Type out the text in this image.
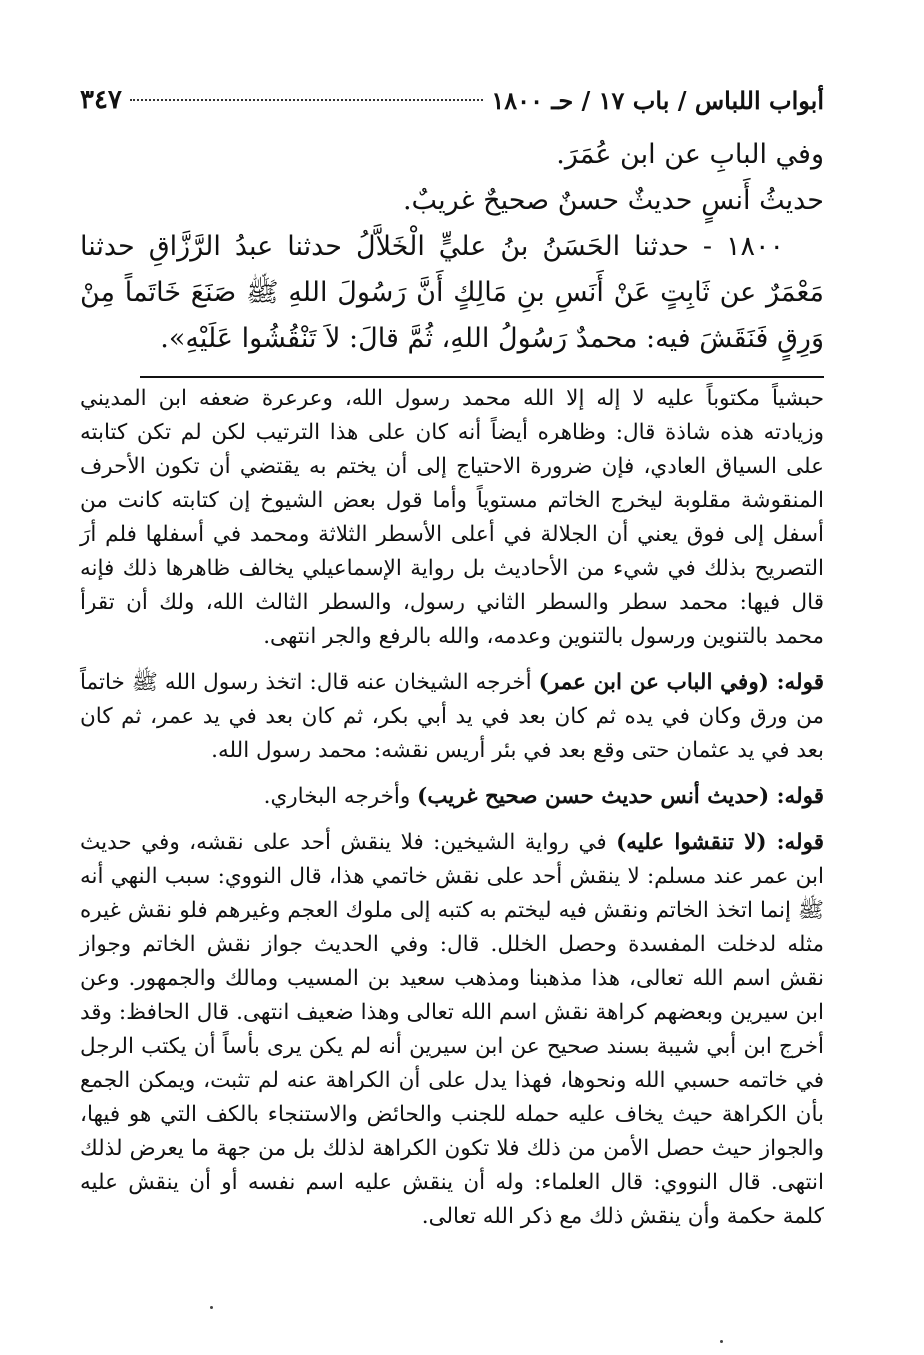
أبواب اللباس / باب ١٧ / حـ ١٨٠٠
٣٤٧

وفي البابِ عن ابن عُمَرَ.

حديثُ أَنسٍ حديثٌ حسنٌ صحيحٌ غريبٌ.

١٨٠٠ - حدثنا الحَسَنُ بنُ عليٍّ الْخَلاَّلُ حدثنا عبدُ الرَّزَّاقِ حدثنا مَعْمَرٌ عن ثَابِتٍ عَنْ أَنَسِ بنِ مَالِكٍ أَنَّ رَسُولَ اللهِ ﷺ صَنَعَ خَاتَماً مِنْ وَرِقٍ فَنَقَشَ فيه: محمدٌ رَسُولُ اللهِ، ثُمَّ قالَ: لاَ تَنْقُشُوا عَلَيْهِ».

حبشياً مكتوباً عليه لا إله إلا الله محمد رسول الله، وعرعرة ضعفه ابن المديني وزيادته هذه شاذة قال: وظاهره أيضاً أنه كان على هذا الترتيب لكن لم تكن كتابته على السياق العادي، فإن ضرورة الاحتياج إلى أن يختم به يقتضي أن تكون الأحرف المنقوشة مقلوبة ليخرج الخاتم مستوياً وأما قول بعض الشيوخ إن كتابته كانت من أسفل إلى فوق يعني أن الجلالة في أعلى الأسطر الثلاثة ومحمد في أسفلها فلم أرَ التصريح بذلك في شيء من الأحاديث بل رواية الإسماعيلي يخالف ظاهرها ذلك فإنه قال فيها: محمد سطر والسطر الثاني رسول، والسطر الثالث الله، ولك أن تقرأ محمد بالتنوين ورسول بالتنوين وعدمه، والله بالرفع والجر انتهى.

قوله: (وفي الباب عن ابن عمر) أخرجه الشيخان عنه قال: اتخذ رسول الله ﷺ خاتماً من ورق وكان في يده ثم كان بعد في يد أبي بكر، ثم كان بعد في يد عمر، ثم كان بعد في يد عثمان حتى وقع بعد في بئر أريس نقشه: محمد رسول الله.

قوله: (حديث أنس حديث حسن صحيح غريب) وأخرجه البخاري.

قوله: (لا تنقشوا عليه) في رواية الشيخين: فلا ينقش أحد على نقشه، وفي حديث ابن عمر عند مسلم: لا ينقش أحد على نقش خاتمي هذا، قال النووي: سبب النهي أنه ﷺ إنما اتخذ الخاتم ونقش فيه ليختم به كتبه إلى ملوك العجم وغيرهم فلو نقش غيره مثله لدخلت المفسدة وحصل الخلل. قال: وفي الحديث جواز نقش الخاتم وجواز نقش اسم الله تعالى، هذا مذهبنا ومذهب سعيد بن المسيب ومالك والجمهور. وعن ابن سيرين وبعضهم كراهة نقش اسم الله تعالى وهذا ضعيف انتهى. قال الحافظ: وقد أخرج ابن أبي شيبة بسند صحيح عن ابن سيرين أنه لم يكن يرى بأساً أن يكتب الرجل في خاتمه حسبي الله ونحوها، فهذا يدل على أن الكراهة عنه لم تثبت، ويمكن الجمع بأن الكراهة حيث يخاف عليه حمله للجنب والحائض والاستنجاء بالكف التي هو فيها، والجواز حيث حصل الأمن من ذلك فلا تكون الكراهة لذلك بل من جهة ما يعرض لذلك انتهى. قال النووي: قال العلماء: وله أن ينقش عليه اسم نفسه أو أن ينقش عليه كلمة حكمة وأن ينقش ذلك مع ذكر الله تعالى.
